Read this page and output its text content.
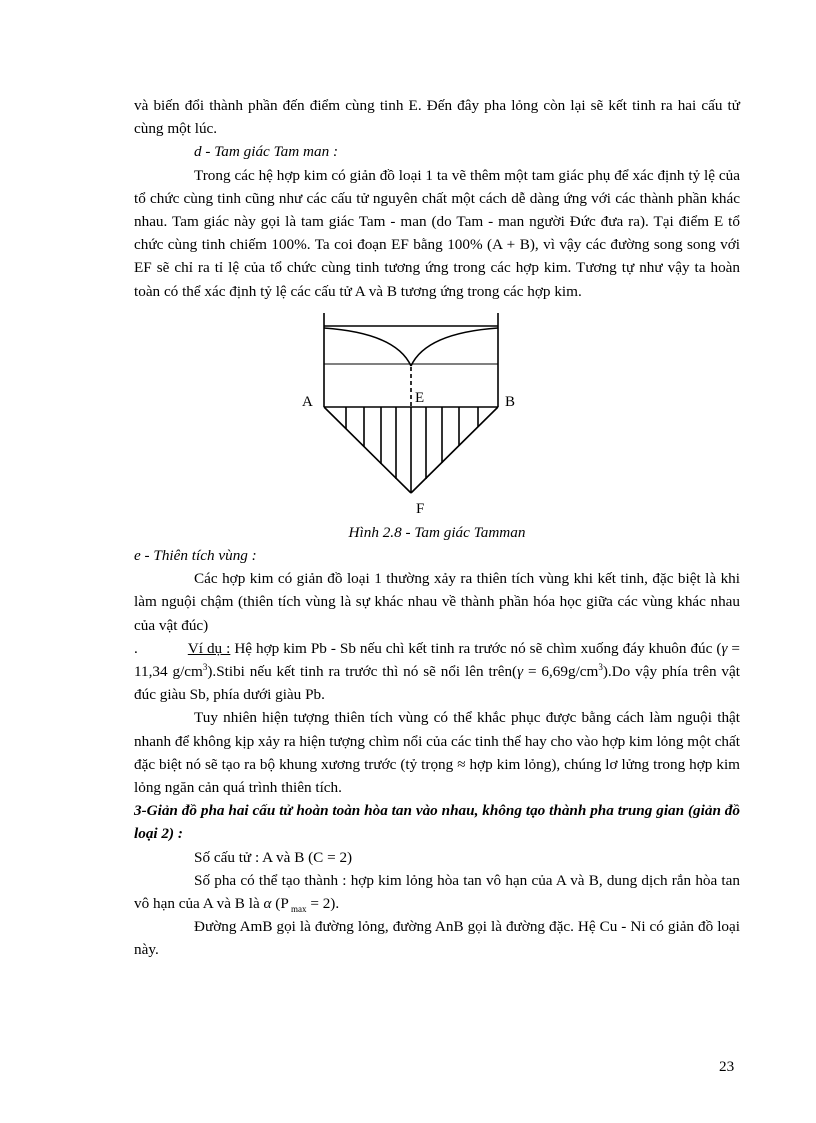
và biến đổi thành phần đến điểm cùng tinh E. Đến đây pha lỏng còn lại sẽ kết tinh ra hai cấu tử cùng một lúc.

d - Tam giác Tam man :

Trong các hệ hợp kim có giản đồ loại 1 ta vẽ thêm một tam giác phụ để xác định tỷ lệ của tổ chức cùng tinh cũng như các cấu tử nguyên chất một cách dễ dàng ứng với các thành phần khác nhau. Tam giác này gọi là tam giác Tam - man (do Tam - man người Đức đưa ra). Tại điểm E tổ chức cùng tinh chiếm 100%. Ta coi đoạn EF bằng 100% (A + B), vì vậy các đường song song với EF sẽ chỉ ra tỉ lệ của tổ chức cùng tinh tương ứng trong các hợp kim. Tương tự như vậy ta hoàn toàn có thể xác định tỷ lệ các cấu tử A và B tương ứng trong các hợp kim.

A	E	B
F

Hình 2.8 - Tam giác Tamman

e - Thiên tích vùng :

Các hợp kim có giản đồ loại 1 thường xảy ra thiên tích vùng khi kết tinh, đặc biệt là khi làm nguội chậm (thiên tích vùng là sự khác nhau về thành phần hóa học giữa các vùng khác nhau của vật đúc)

.	Ví dụ : Hệ hợp kim Pb - Sb nếu chì kết tinh ra trước nó sẽ chìm xuống đáy khuôn đúc (γ = 11,34 $g/cm^3).Stibi$ nếu kết tinh ra trước thì nó sẽ nổi lên trên(γ = $6,69g/cm^3).Do$ vậy phía trên vật đúc giàu Sb, phía dưới giàu Pb.

Tuy nhiên hiện tượng thiên tích vùng có thể khắc phục được bằng cách làm nguội thật nhanh để không kịp xảy ra hiện tượng chìm nổi của các tinh thể hay cho vào hợp kim lỏng một chất đặc biệt nó sẽ tạo ra bộ khung xương trước (tỷ trọng ≈ hợp kim lỏng), chúng lơ lửng trong hợp kim lỏng ngăn cản quá trình thiên tích.

3-Giản đồ pha hai cấu tử hoàn toàn hòa tan vào nhau, không tạo thành pha trung gian (giản đồ loại 2) :

Số cấu tử : A và B (C = 2)

Số pha có thể tạo thành : hợp kim lỏng hòa tan vô hạn của A và B, dung dịch rắn hòa tan vô hạn của A và B là α (P $_{max}$ = 2).

Đường AmB gọi là đường lỏng, đường AnB gọi là đường đặc. Hệ Cu - Ni có giản đồ loại này.

23
